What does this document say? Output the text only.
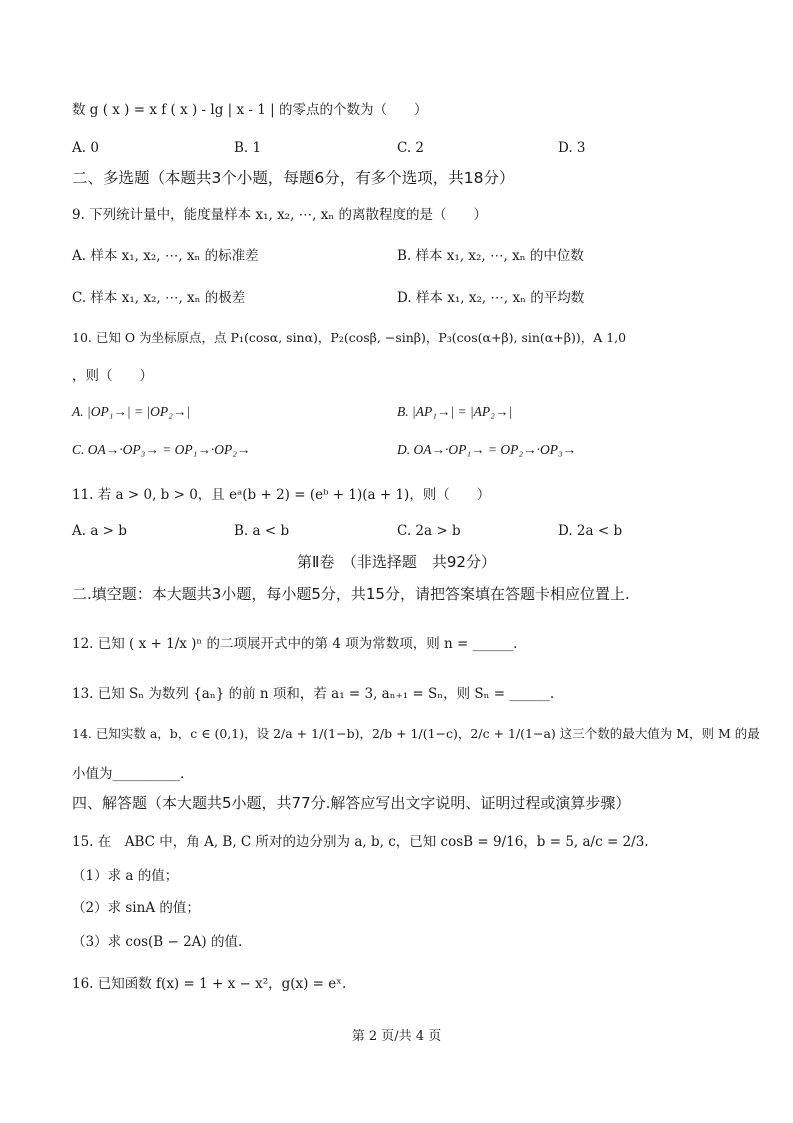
数 g ( x ) = x f ( x ) - lg | x - 1 | 的零点的个数为（　　）
A. 0	B. 1	C. 2	D. 3
二、多选题（本题共3个小题，每题6分，有多个选项，共18分）
9. 下列统计量中，能度量样本 x₁, x₂, ⋯, xₙ 的离散程度的是（　　）
A. 样本 x₁, x₂, ⋯, xₙ 的标准差	B. 样本 x₁, x₂, ⋯, xₙ 的中位数
C. 样本 x₁, x₂, ⋯, xₙ 的极差	D. 样本 x₁, x₂, ⋯, xₙ 的平均数
10. 已知 O 为坐标原点，点 P₁(cosα, sinα)，P₂(cosβ, −sinβ)，P₃(cos(α+β), sin(α+β))，A 1,0
，则（　　）
A. |OP₁→| = |OP₂→|	B. |AP₁→| = |AP₂→|
C. OA→·OP₃→ = OP₁→·OP₂→	D. OA→·OP₁→ = OP₂→·OP₃→
11. 若 a > 0, b > 0，且 eᵃ(b + 2) = (eᵇ + 1)(a + 1)，则（　　）
A. a > b	B. a < b	C. 2a > b	D. 2a < b
第Ⅱ卷　（非选择题　共92分）
二.填空题：本大题共3小题，每小题5分，共15分，请把答案填在答题卡相应位置上.
12. 已知 ( x + 1/x )ⁿ 的二项展开式中的第 4 项为常数项，则 n = ______.
13. 已知 Sₙ 为数列 {aₙ} 的前 n 项和，若 a₁ = 3, aₙ₊₁ = Sₙ，则 Sₙ = ______.
14. 已知实数 a，b，c ∈ (0,1)，设 2/a + 1/(1−b)，2/b + 1/(1−c)，2/c + 1/(1−a) 这三个数的最大值为 M，则 M 的最
小值为__________.
四、解答题（本大题共5小题，共77分.解答应写出文字说明、证明过程或演算步骤）
15. 在　ABC 中，角 A, B, C 所对的边分别为 a, b, c，已知 cosB = 9/16，b = 5, a/c = 2/3.
（1）求 a 的值；
（2）求 sinA 的值；
（3）求 cos(B − 2A) 的值.
16. 已知函数 f(x) = 1 + x − x²，g(x) = eˣ.
第 2 页/共 4 页
